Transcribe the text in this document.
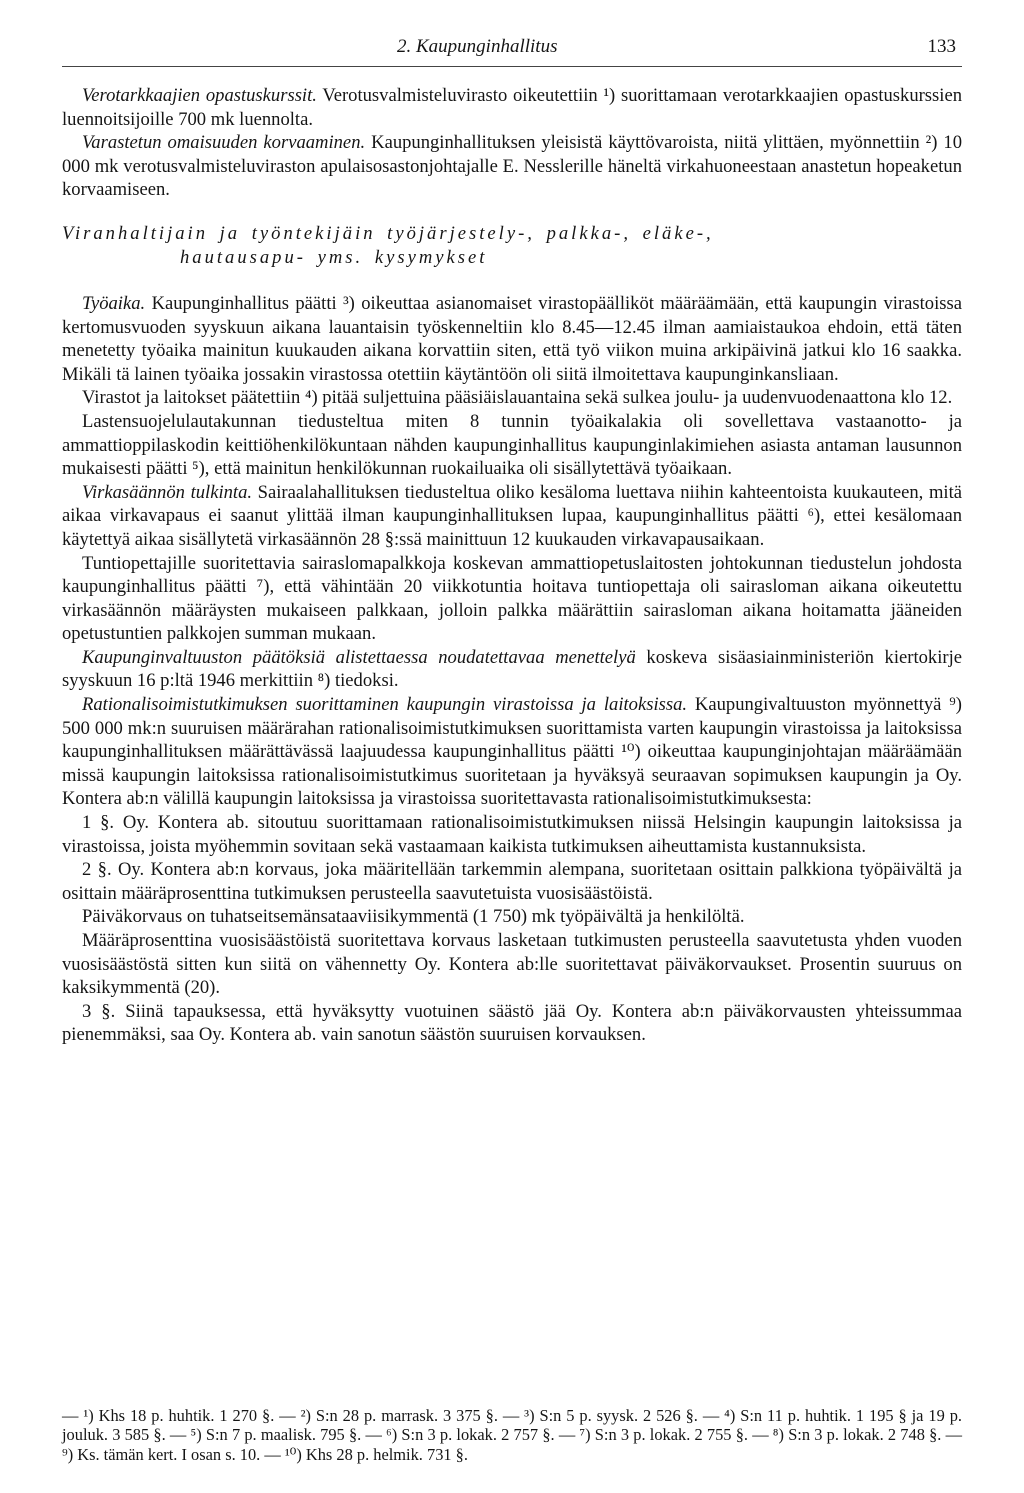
2. Kaupunginhallitus	133

Verotarkkaajien opastuskurssit. Verotusvalmisteluvirasto oikeutettiin ¹) suorittamaan verotarkkaajien opastuskurssien luennoitsijoille 700 mk luennolta.

Varastetun omaisuuden korvaaminen. Kaupunginhallituksen yleisistä käyttövaroista, niitä ylittäen, myönnettiin ²) 10 000 mk verotusvalmisteluviraston apulaisosastonjohtajalle E. Nesslerille häneltä virkahuoneestaan anastetun hopeaketun korvaamiseen.

Viranhaltijain ja työntekijäin työjärjestely-, palkka-, eläke-,
hautausapu- yms. kysymykset

Työaika. Kaupunginhallitus päätti ³) oikeuttaa asianomaiset virastopäälliköt määräämään, että kaupungin virastoissa kertomusvuoden syyskuun aikana lauantaisin työskenneltiin klo 8.45—12.45 ilman aamiaistaukoa ehdoin, että täten menetetty työaika mainitun kuukauden aikana korvattiin siten, että työ viikon muina arkipäivinä jatkui klo 16 saakka. Mikäli tä lainen työaika jossakin virastossa otettiin käytäntöön oli siitä ilmoitettava kaupunginkansliaan.

Virastot ja laitokset päätettiin ⁴) pitää suljettuina pääsiäislauantaina sekä sulkea joulu- ja uudenvuodenaattona klo 12.

Lastensuojelulautakunnan tiedusteltua miten 8 tunnin työaikalakia oli sovellettava vastaanotto- ja ammattioppilaskodin keittiöhenkilökuntaan nähden kaupunginhallitus kaupunginlakimiehen asiasta antaman lausunnon mukaisesti päätti ⁵), että mainitun henkilökunnan ruokailuaika oli sisällytettävä työaikaan.

Virkasäännön tulkinta. Sairaalahallituksen tiedusteltua oliko kesäloma luettava niihin kahteentoista kuukauteen, mitä aikaa virkavapaus ei saanut ylittää ilman kaupunginhallituksen lupaa, kaupunginhallitus päätti ⁶), ettei kesälomaan käytettyä aikaa sisällytetä virkasäännön 28 §:ssä mainittuun 12 kuukauden virkavapausaikaan.

Tuntiopettajille suoritettavia sairaslomapalkkoja koskevan ammattiopetuslaitosten johtokunnan tiedustelun johdosta kaupunginhallitus päätti ⁷), että vähintään 20 viikkotuntia hoitava tuntiopettaja oli sairasloman aikana oikeutettu virkasäännön määräysten mukaiseen palkkaan, jolloin palkka määrättiin sairasloman aikana hoitamatta jääneiden opetustuntien palkkojen summan mukaan.

Kaupunginvaltuuston päätöksiä alistettaessa noudatettavaa menettelyä koskeva sisäasiainministeriön kiertokirje syyskuun 16 p:ltä 1946 merkittiin ⁸) tiedoksi.

Rationalisoimistutkimuksen suorittaminen kaupungin virastoissa ja laitoksissa. Kaupungivaltuuston myönnettyä ⁹) 500 000 mk:n suuruisen määrärahan rationalisoimistutkimuksen suorittamista varten kaupungin virastoissa ja laitoksissa kaupunginhallituksen määrättävässä laajuudessa kaupunginhallitus päätti ¹⁰) oikeuttaa kaupunginjohtajan määräämään missä kaupungin laitoksissa rationalisoimistutkimus suoritetaan ja hyväksyä seuraavan sopimuksen kaupungin ja Oy. Kontera ab:n välillä kaupungin laitoksissa ja virastoissa suoritettavasta rationalisoimistutkimuksesta:

1 §. Oy. Kontera ab. sitoutuu suorittamaan rationalisoimistutkimuksen niissä Helsingin kaupungin laitoksissa ja virastoissa, joista myöhemmin sovitaan sekä vastaamaan kaikista tutkimuksen aiheuttamista kustannuksista.

2 §. Oy. Kontera ab:n korvaus, joka määritellään tarkemmin alempana, suoritetaan osittain palkkiona työpäivältä ja osittain määräprosenttina tutkimuksen perusteella saavutetuista vuosisäästöistä.

Päiväkorvaus on tuhatseitsemänsataaviisikymmentä (1 750) mk työpäivältä ja henkilöltä.

Määräprosenttina vuosisäästöistä suoritettava korvaus lasketaan tutkimusten perusteella saavutetusta yhden vuoden vuosisäästöstä sitten kun siitä on vähennetty Oy. Kontera ab:lle suoritettavat päiväkorvaukset. Prosentin suuruus on kaksikymmentä (20).

3 §. Siinä tapauksessa, että hyväksytty vuotuinen säästö jää Oy. Kontera ab:n päiväkorvausten yhteissummaa pienemmäksi, saa Oy. Kontera ab. vain sanotun säästön suuruisen korvauksen.

— ¹) Khs 18 p. huhtik. 1 270 §. — ²) S:n 28 p. marrask. 3 375 §. — ³) S:n 5 p. syysk. 2 526 §. — ⁴) S:n 11 p. huhtik. 1 195 § ja 19 p. jouluk. 3 585 §. — ⁵) S:n 7 p. maalisk. 795 §. — ⁶) S:n 3 p. lokak. 2 757 §. — ⁷) S:n 3 p. lokak. 2 755 §. — ⁸) S:n 3 p. lokak. 2 748 §. — ⁹) Ks. tämän kert. I osan s. 10. — ¹⁰) Khs 28 p. helmik. 731 §.
